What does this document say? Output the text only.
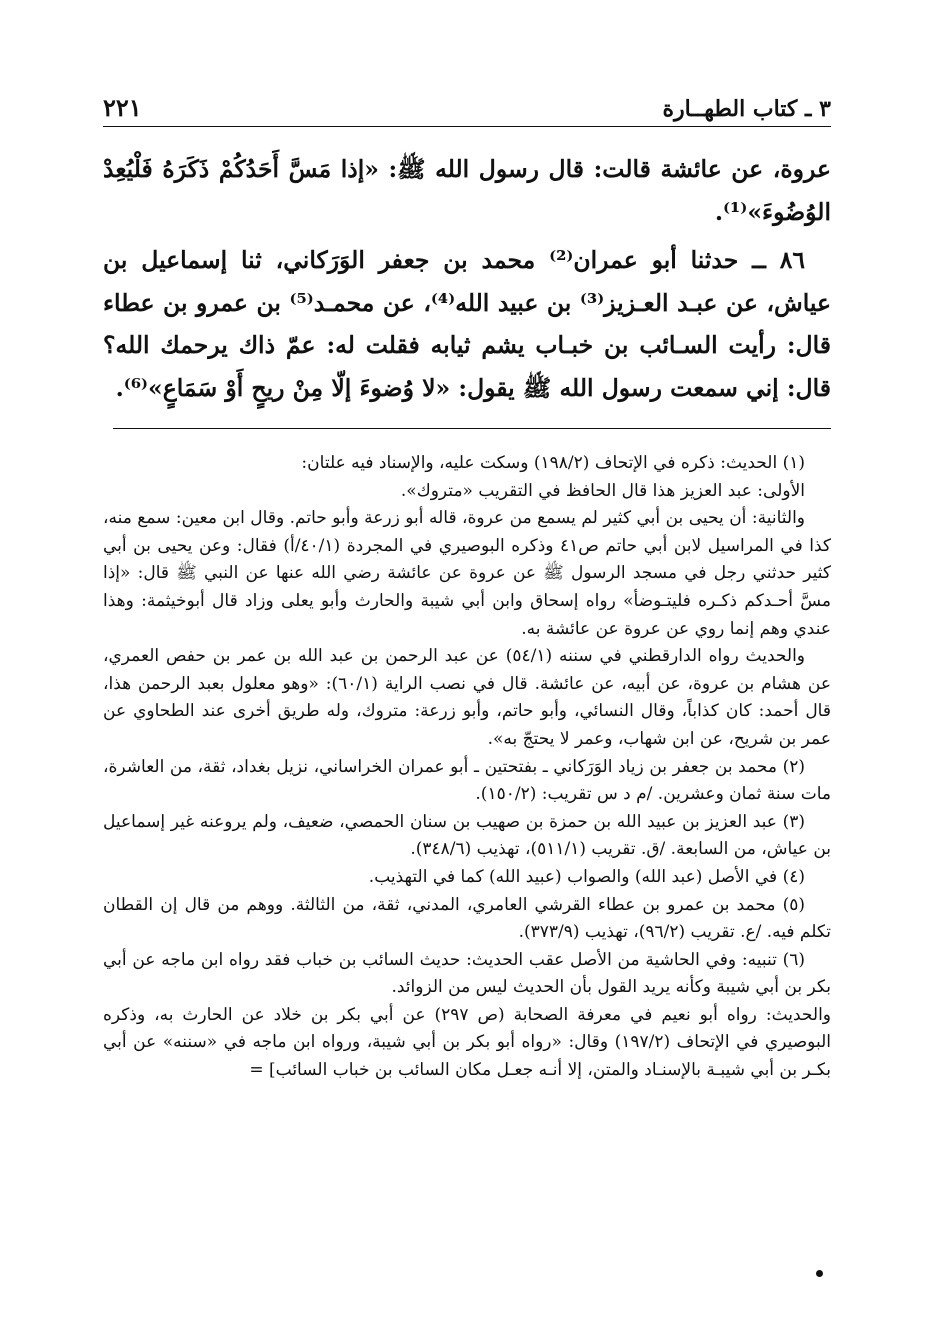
٣ ـ كتاب الطهــارة
٢٢١

عروة، عن عائشة قالت: قال رسول الله ﷺ: «إذا مَسَّ أَحَدُكُمْ ذَكَرَهُ فَلْيُعِدْ الوُضُوءَ»⁽¹⁾.

٨٦ ــ حدثنا أبو عمران⁽²⁾ محمد بن جعفر الوَرَكاني، ثنا إسماعيل بن عياش، عن عبـد العـزيز⁽³⁾ بن عبيد الله⁽⁴⁾، عن محمـد⁽⁵⁾ بن عمرو بن عطاء قال: رأيت السـائب بن خبـاب يشم ثيابه فقلت له: عمّ ذاك يرحمك الله؟ قال: إني سمعت رسول الله ﷺ يقول: «لا وُضوءَ إلّا مِنْ ريحٍ أَوْ سَمَاعٍ»⁽⁶⁾.

(١) الحديث: ذكره في الإتحاف (١٩٨/٢) وسكت عليه، والإسناد فيه علتان:

الأولى: عبد العزيز هذا قال الحافظ في التقريب «متروك».

والثانية: أن يحيى بن أبي كثير لم يسمع من عروة، قاله أبو زرعة وأبو حاتم. وقال ابن معين: سمع منه، كذا في المراسيل لابن أبي حاتم ص٤١ وذكره البوصيري في المجردة (٤٠/١/أ) فقال: وعن يحيى بن أبي كثير حدثني رجل في مسجد الرسول ﷺ عن عروة عن عائشة رضي الله عنها عن النبي ﷺ قال: «إذا مسَّ أحـدكم ذكـره فليتـوضأ» رواه إسحاق وابن أبي شيبة والحارث وأبو يعلى وزاد قال أبوخيثمة: وهذا عندي وهم إنما روي عن عروة عن عائشة به.

والحديث رواه الدارقطني في سننه (٥٤/١) عن عبد الرحمن بن عبد الله بن عمر بن حفص العمري، عن هشام بن عروة، عن أبيه، عن عائشة. قال في نصب الراية (٦٠/١): «وهو معلول بعبد الرحمن هذا، قال أحمد: كان كذاباً، وقال النسائي، وأبو حاتم، وأبو زرعة: متروك، وله طريق أخرى عند الطحاوي عن عمر بن شريح، عن ابن شهاب، وعمر لا يحتجّ به».

(٢) محمد بن جعفر بن زياد الوَرَكاني ـ بفتحتين ـ أبو عمران الخراساني، نزيل بغداد، ثقة، من العاشرة، مات سنة ثمان وعشرين. /م د س تقريب: (١٥٠/٢).

(٣) عبد العزيز بن عبيد الله بن حمزة بن صهيب بن سنان الحمصي، ضعيف، ولم يروعنه غير إسماعيل بن عياش، من السابعة. /ق. تقريب (٥١١/١)، تهذيب (٣٤٨/٦).

(٤) في الأصل (عبد الله) والصواب (عبيد الله) كما في التهذيب.

(٥) محمد بن عمرو بن عطاء القرشي العامري، المدني، ثقة، من الثالثة. ووهم من قال إن القطان تكلم فيه. /ع. تقريب (٩٦/٢)، تهذيب (٣٧٣/٩).

(٦) تنبيه: وفي الحاشية من الأصل عقب الحديث: حديث السائب بن خباب فقد رواه ابن ماجه عن أبي بكر بن أبي شيبة وكأنه يريد القول بأن الحديث ليس من الزوائد.

والحديث: رواه أبو نعيم في معرفة الصحابة (ص ٢٩٧) عن أبي بكر بن خلاد عن الحارث به، وذكره البوصيري في الإتحاف (١٩٧/٢) وقال: «رواه أبو بكر بن أبي شيبة، ورواه ابن ماجه في «سننه» عن أبي بكـر بن أبي شيبـة بالإسنـاد والمتن، إلا أنـه جعـل مكان السائب بن خباب السائب] =
